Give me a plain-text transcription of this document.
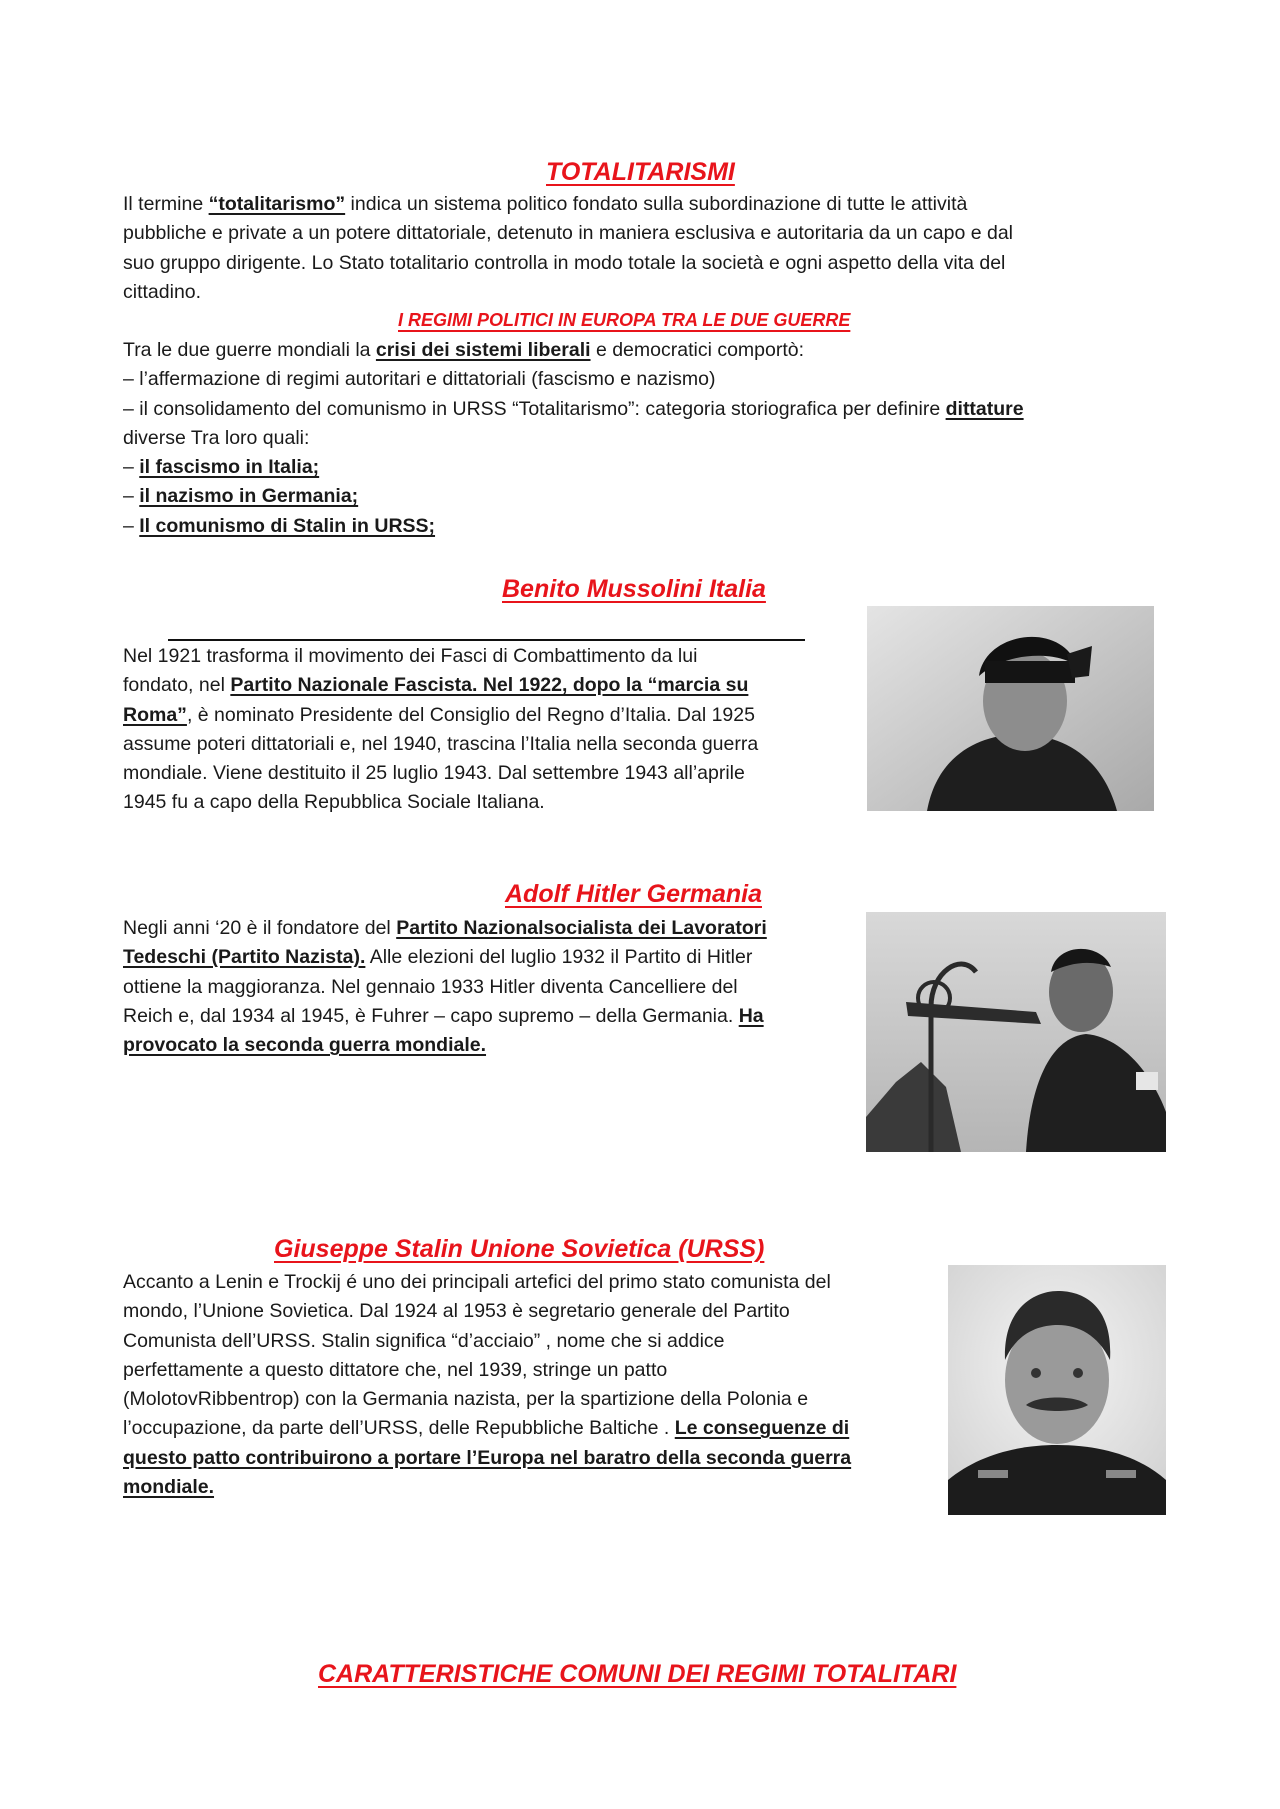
TOTALITARISMI
Il termine “totalitarismo” indica un sistema politico fondato sulla subordinazione di tutte le attività
pubbliche e private a un potere dittatoriale, detenuto in maniera esclusiva e autoritaria da un capo e dal
suo gruppo dirigente. Lo Stato totalitario controlla in modo totale la società e ogni aspetto della vita del
cittadino.
I REGIMI POLITICI IN EUROPA TRA LE DUE GUERRE
Tra le due guerre mondiali la crisi dei sistemi liberali e democratici comportò:
– l’affermazione di regimi autoritari e dittatoriali (fascismo e nazismo)
– il consolidamento del comunismo in URSS “Totalitarismo”: categoria storiografica per definire dittature
diverse Tra loro quali:
– il fascismo in Italia;
– il nazismo in Germania;
– Il comunismo di Stalin in URSS;
Benito Mussolini Italia
Nel 1921 trasforma il movimento dei Fasci di Combattimento da lui
fondato, nel Partito Nazionale Fascista. Nel 1922, dopo la “marcia su
Roma”, è nominato Presidente del Consiglio del Regno d’Italia. Dal 1925
assume poteri dittatoriali e, nel 1940, trascina l’Italia nella seconda guerra
mondiale. Viene destituito il 25 luglio 1943. Dal settembre 1943 all’aprile
1945 fu a capo della Repubblica Sociale Italiana.
Adolf Hitler Germania
Negli anni ‘20 è il fondatore del Partito Nazionalsocialista dei Lavoratori
Tedeschi (Partito Nazista). Alle elezioni del luglio 1932 il Partito di Hitler
ottiene la maggioranza. Nel gennaio 1933 Hitler diventa Cancelliere del
Reich e, dal 1934 al 1945, è Fuhrer – capo supremo – della Germania. Ha
provocato la seconda guerra mondiale.
Giuseppe Stalin Unione Sovietica (URSS)
Accanto a Lenin e Trockij é uno dei principali artefici del primo stato comunista del
mondo, l’Unione Sovietica. Dal 1924 al 1953 è segretario generale del Partito
Comunista dell’URSS. Stalin significa “d’acciaio” , nome che si addice
perfettamente a questo dittatore che, nel 1939, stringe un patto
(MolotovRibbentrop) con la Germania nazista, per la spartizione della Polonia e
l’occupazione, da parte dell’URSS, delle Repubbliche Baltiche . Le conseguenze di
questo patto contribuirono a portare l’Europa nel baratro della seconda guerra
mondiale.
CARATTERISTICHE COMUNI DEI REGIMI TOTALITARI
